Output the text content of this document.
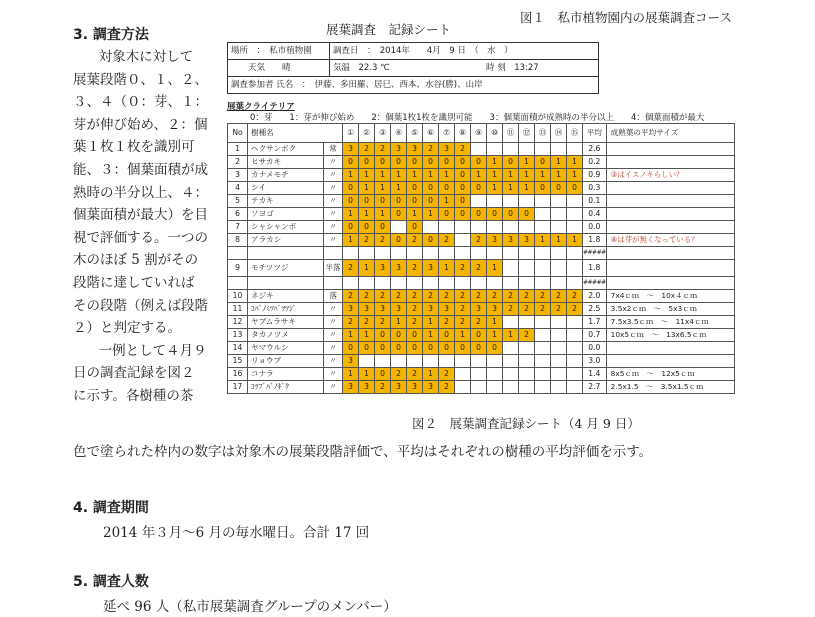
3. 調査方法

対象木に対して

展葉段階０、１、２、

３、４（０：芽、１：

芽が伸び始め、２：個

葉１枚１枚を識別可

能、３：個葉面積が成

熟時の半分以上、４：

個葉面積が最大）を目

視で評価する。一つの

木のほぼ 5 割がその

段階に達していれば

その段階（例えば段階

２）と判定する。

一例として４月９

日の調査記録を図２

に示す。各樹種の茶

色で塗られた枠内の数字は対象木の展葉段階評価で、平均はそれぞれの樹種の平均評価を示す。
4. 調査期間
2014 年３月～6 月の毎水曜日。合計 17 回
5. 調査人数
延べ 96 人（私市展葉調査グループのメンバー）
図１　私市植物園内の展葉調査コース
展葉調査　記録シート
図２　展葉調査記録シート（4 月 9 日）
場所　：　私市植物園	調査日　：　2014年　　4月　9 日　（　水　）
天気　　晴	気温　22.3 ℃	時 刻　13:27
調査参加者 氏名　：　伊藤、多田羅、居巳、西本、水谷(勝)、山岸
展葉クライテリア
0：芽　　1：芽が伸び始め　　2：個葉1枚1枚を識別可能　　3：個葉面積が成熟時の半分以上　　4：個葉面積が最大
No	樹種名		①	②	③	④	⑤	⑥	⑦	⑧	⑨	⑩	⑪	⑫	⑬	⑭	⑮	平均	成熟葉の平均サイズ
1	ヘクサンボク	常	3	2	2	3	3	2	3	2								2.6	
2	ヒサカキ	〃	0	0	0	0	0	0	0	0	0	1	0	1	0	1	1	0.2	
3	カナメモチ	〃	1	1	1	1	1	1	1	0	1	1	1	1	1	1	1	0.9	③はイスノキらしい？
4	シイ	〃	0	1	1	1	0	0	0	0	0	1	1	1	0	0	0	0.3	
5	テカキ	〃	0	0	0	0	0	0	1	0								0.1	
6	ソヨゴ	〃	1	1	1	0	1	1	0	0	0	0	0	0				0.4	
7	シャシャンボ	〃	0	0	0		0											0.0	
8	アラカシ	〃	1	2	2	0	2	0	2		2	3	3	3	1	1	1	1.8	⑧は芽が無くなっている？
																		#####	
9	モチツツジ	半落	2	1	3	3	2	3	1	2	2	1						1.8	
																		#####	
10	ネジキ	落	2	2	2	2	2	2	2	2	2	2	2	2	2	2	2	2.0	7x4ｃｍ　～　10x４ｃｍ
11	ｺﾊﾞﾉﾐﾂﾊﾞﾂﾂｼﾞ	〃	3	3	3	3	2	3	3	2	3	3	2	2	2	2	2	2.5	3.5x2ｃｍ　～　5x3ｃｍ
12	ヤブムラサキ	〃	2	2	2	1	2	1	2	2	2	1						1.7	7.5x3.5ｃｍ　～　11x4ｃｍ
13	タカノツメ	〃	1	1	0	0	0	1	0	1	0	1	1	2				0.7	10x5ｃｍ　～　13x6.5ｃｍ
14	ヤマウルシ	〃	0	0	0	0	0	0	0	0	0	0						0.0	
15	リョウブ	〃	3															3.0	
16	コナラ	〃	1	1	0	2	2	1	2									1.4	8x5ｃｍ　～　12x5ｃｍ
17	ｺﾂﾌﾞﾊﾞﾉｷﾞｸ	〃	3	3	2	3	3	3	2									2.7	2.5x1.5　～　3.5x1.5ｃｍ
